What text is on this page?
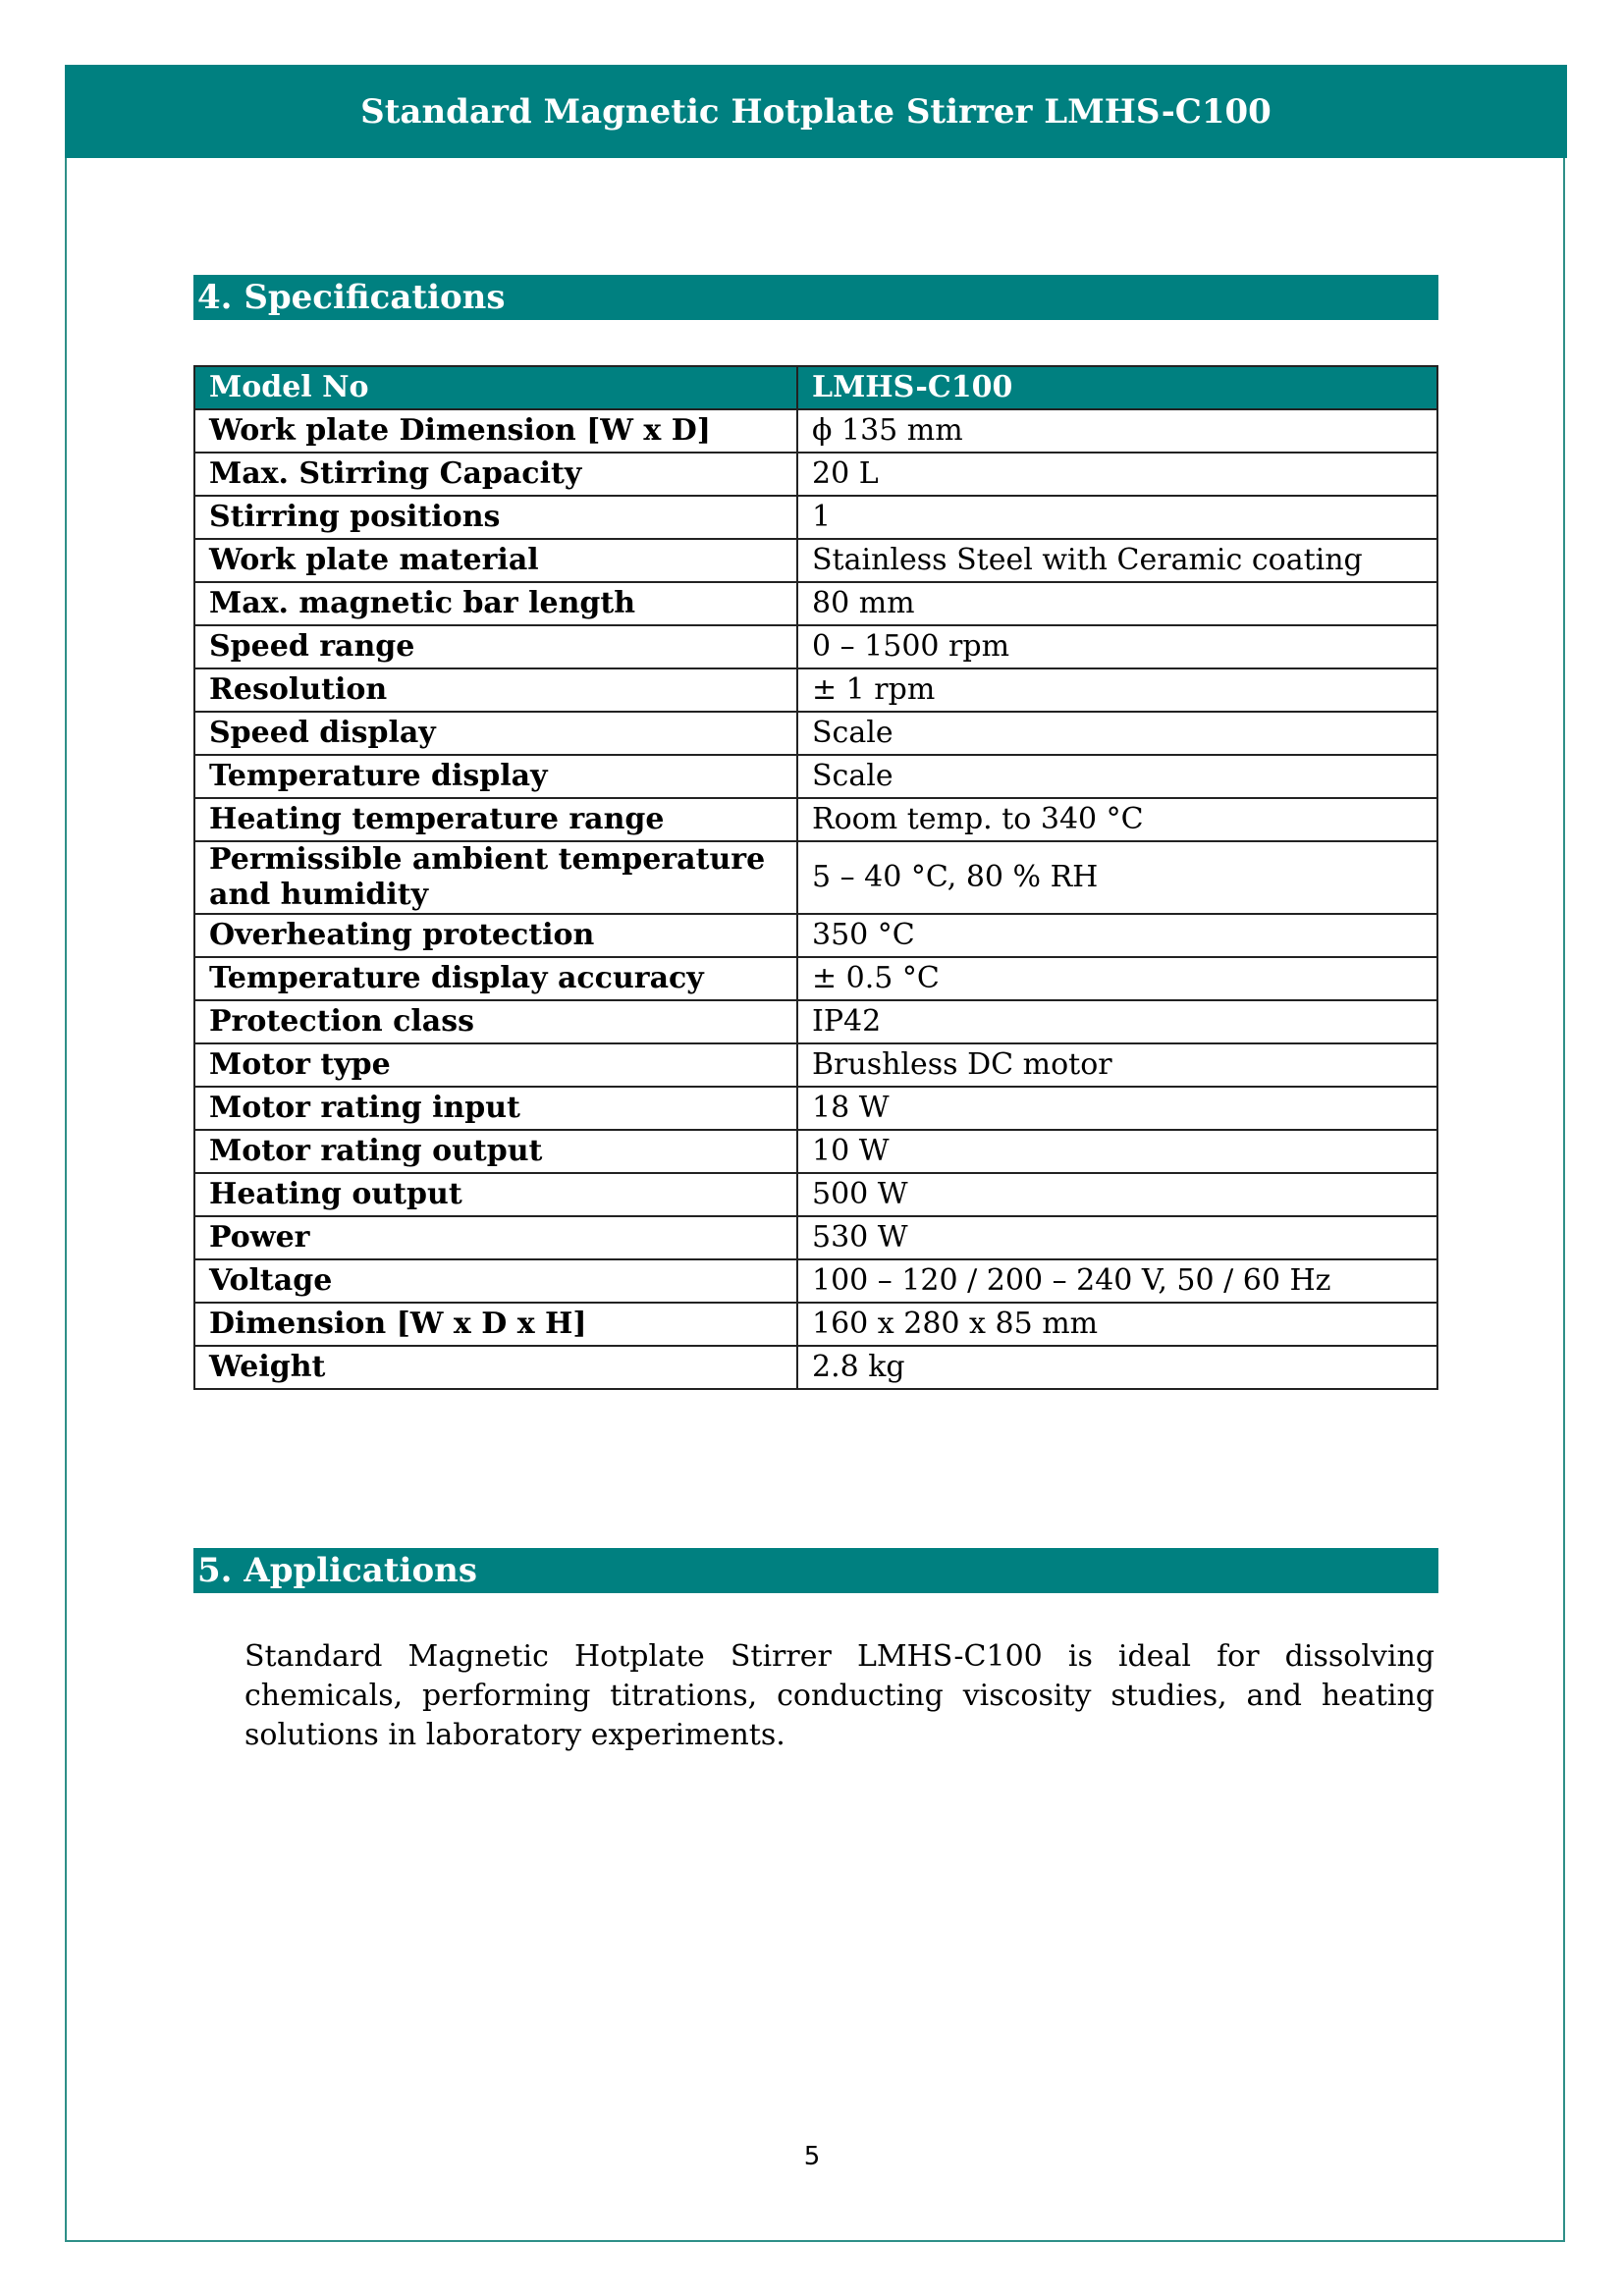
Standard Magnetic Hotplate Stirrer LMHS-C100
4. Specifications
Model No	LMHS-C100
Work plate Dimension [W x D]	ϕ 135 mm
Max. Stirring Capacity	20 L
Stirring positions	1
Work plate material	Stainless Steel with Ceramic coating
Max. magnetic bar length	80 mm
Speed range	0 – 1500 rpm
Resolution	± 1 rpm
Speed display	Scale
Temperature display	Scale
Heating temperature range	Room temp. to 340 °C
Permissible ambient temperature and humidity	5 – 40 °C, 80 % RH
Overheating protection	350 °C
Temperature display accuracy	± 0.5 °C
Protection class	IP42
Motor type	Brushless DC motor
Motor rating input	18 W
Motor rating output	10 W
Heating output	500 W
Power	530 W
Voltage	100 – 120 / 200 – 240 V, 50 / 60 Hz
Dimension [W x D x H]	160 x 280 x 85 mm
Weight	2.8 kg
5. Applications
Standard Magnetic Hotplate Stirrer LMHS-C100 is ideal for dissolving chemicals, performing titrations, conducting viscosity studies, and heating solutions in laboratory experiments.
5
